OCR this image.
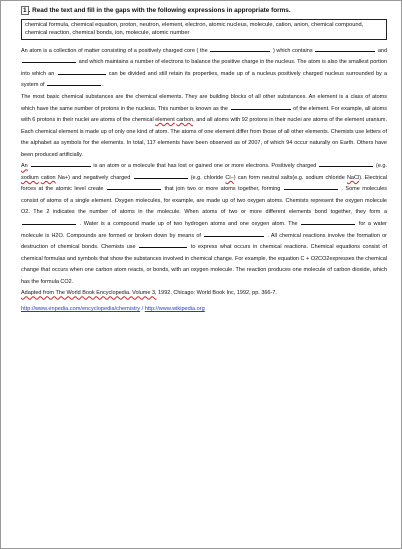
1 . Read the text and fill in the gaps with the following expressions in appropriate forms.
chemical formula, chemical equation, proton, neutron, element, electron, atomic nucleus, molecule, cation, anion, chemical compound, chemical reaction, chemical bonds, ion, molecule, atomic number

An atom is a collection of matter consisting of a positively charged core ( the	) which contains	and  and which maintains a number of electrons to balance the positive charge in the nucleus. The atom is also the smallest portion into which an	can be divided and still retain its properties, made up of a nucleus positively charged nucleus surrounded by a system of	.

The most basic chemical substances are the chemical elements. They are building blocks of all other substances. An element is a class of atoms which have the same number of protons in the nucleus. This number is known as the	of the element. For example, all atoms with 6 protons in their nuclei are atoms of the chemical element carbon, and all atoms with 92 protons in their nuclei are atoms of the element uranium.

Each chemical element is made up of only one kind of atom. The atoms of one element differ from those of all other elements. Chemists use letters of the alphabet as symbols for the elements. In total, 117 elements have been observed as of 2007, of which 94 occur naturally on Earth. Others have been produced artificially.

An	is an atom or a molecule that has lost or gained one or more electrons. Positively charged	(e.g. sodium cation Na+) and negatively charged	(e.g. chloride Cl−) can form neutral salts(e.g. sodium chloride NaCl). Electrical forces at the atomic level create	that join two or more atoms together, forming	. Some molecules consist of atoms of a single element. Oxygen molecules, for example, are made up of two oxygen atoms. Chemists represent the oxygen molecule O2. The 2 indicates the number of atoms in the molecule. When atoms of two or more different elements bond together, they form a  . Water is a compound made up of two hydrogen atoms and one oxygen atom. The	for a water molecule is H2O. Compounds are formed or broken down by means of	. All chemical reactions involve the formation or destruction of chemical bonds. Chemists use	to express what occurs in chemical reactions. Chemical equations consist of chemical formulas and symbols that show the substances involved in chemical change. For example, the equation C + O2CO2expresses the chemical change that occurs when one carbon atom reacts, or bonds, with an oxygen molecule. The reaction produces one molecule of carbon dioxide, which has the formula CO2.

Adapted from The World Book Encyclopedia. Volume 3, 1992. Chicago: World Book Inc, 1992, pp. 366-7.

http://www.enpedia.com/encyclopedia/chemistry / http://www.wikipedia.org
